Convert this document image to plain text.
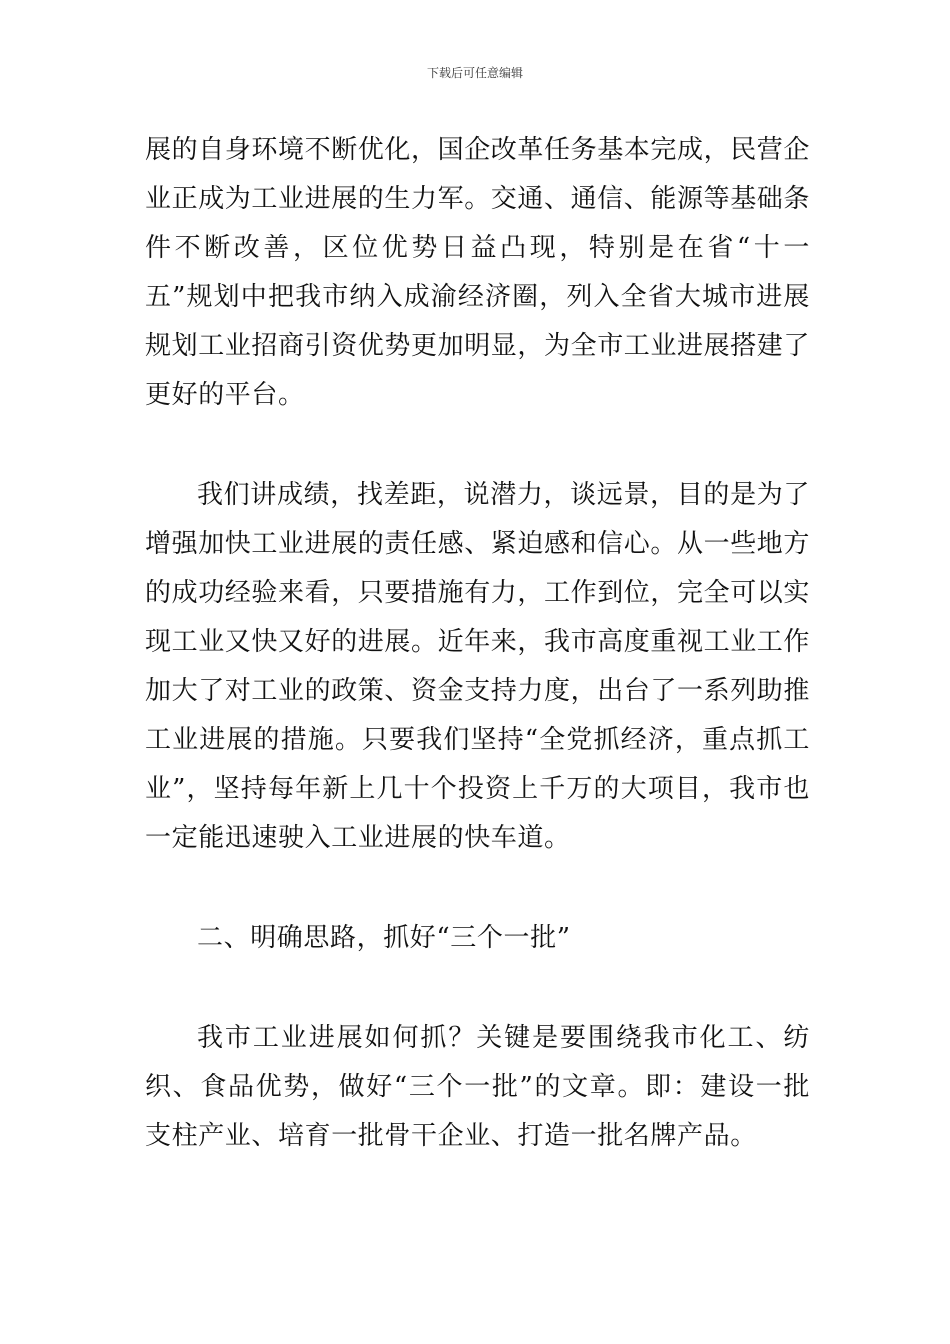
下载后可任意编辑

展的自身环境不断优化，国企改革任务基本完成，民营企业正成为工业进展的生力军。交通、通信、能源等基础条件不断改善，区位优势日益凸现，特别是在省“十一五”规划中把我市纳入成渝经济圈，列入全省大城市进展规划工业招商引资优势更加明显，为全市工业进展搭建了更好的平台。

我们讲成绩，找差距，说潜力，谈远景，目的是为了增强加快工业进展的责任感、紧迫感和信心。从一些地方的成功经验来看，只要措施有力，工作到位，完全可以实现工业又快又好的进展。近年来，我市高度重视工业工作加大了对工业的政策、资金支持力度，出台了一系列助推工业进展的措施。只要我们坚持“全党抓经济，重点抓工业”，坚持每年新上几十个投资上千万的大项目，我市也一定能迅速驶入工业进展的快车道。

二、明确思路，抓好“三个一批”

我市工业进展如何抓？关键是要围绕我市化工、纺织、食品优势，做好“三个一批”的文章。即：建设一批支柱产业、培育一批骨干企业、打造一批名牌产品。
